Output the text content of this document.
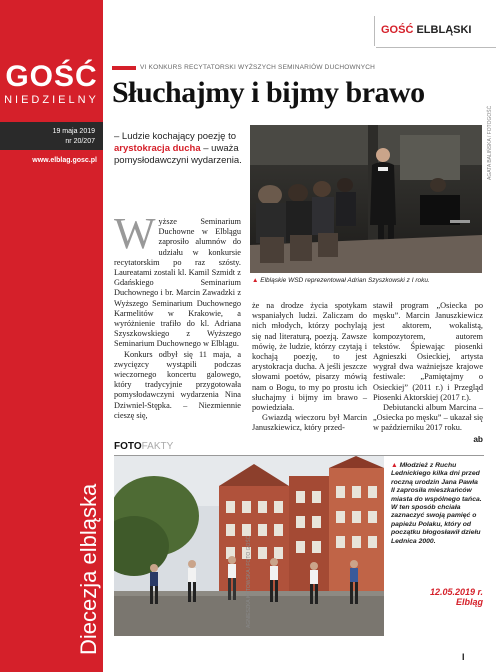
GOŚĆ
NIEDZIELNY
19 maja 2019
nr 20/207
www.elblag.gosc.pl
Diecezja elbląska
GOŚĆ ELBLĄSKI
VI KONKURS RECYTATORSKI WYŻSZYCH SEMINARIÓW DUCHOWNYCH
Słuchajmy i bijmy brawo
– Ludzie kochający poezję to arystokracja ducha – uważa pomysłodawczyni wydarzenia.	AGATA BALIŃSKA / FOTOGOŚĆ
▲ Elbląskie WSD reprezentował Adrian Szyszkowski z I roku.
W yższe Seminarium Duchowne w Elblągu zaprosiło alumnów do udziału w konkursie recytatorskim po raz szósty. Laureatami zostali kl. Kamil Szmidt z Gdańskiego Seminarium Duchownego i br. Marcin Zawadzki z Wyższego Seminarium Duchownego Karmelitów w Krakowie, a wyróżnienie trafiło do kl. Adriana Szyszkowskiego z Wyższego Seminarium Duchownego w Elblągu.

Konkurs odbył się 11 maja, a zwycięzcy wystąpili podczas wieczornego koncertu galowego, który tradycyjnie przygotowała pomysłodawczyni wydarzenia Nina Dziwniel-Stępka. – Niezmiennie cieszę się,

że na drodze życia spotykam wspaniałych ludzi. Zaliczam do nich młodych, którzy pochylają się nad literaturą, poezją. Zawsze mówię, że ludzie, którzy czytają i kochają poezję, to jest arystokracja ducha. A jeśli jeszcze słowami poetów, pisarzy mówią nam o Bogu, to my po prostu ich słuchajmy i bijmy im brawo – powiedziała.

Gwiazdą wieczoru był Marcin Januszkiewicz, który przed-

stawił program „Osiecka po męsku”. Marcin Januszkiewicz jest aktorem, wokalistą, kompozytorem, autorem tekstów. Śpiewając piosenki Agnieszki Osieckiej, artysta wygrał dwa ważniejsze krajowe festiwale: „Pamiętajmy o Osieckiej” (2011 r.) i Przegląd Piosenki Aktorskiej (2017 r.).

Debiutancki album Marcina – „Osiecka po męsku” – ukazał się w październiku 2017 roku.

ab
FOTOFAKTY
AGNIESZKA KOTOWSKA / FOTO GOŚĆ
▲ Młodzież z Ruchu Lednickiego kilka dni przed roczną urodzin Jana Pawła II zaprosiła mieszkańców miasta do wspólnego tańca. W ten sposób chciała zaznaczyć swoją pamięć o papieżu Polaku, który od początku błogosławił dziełu Lednica 2000.
12.05.2019 r.
Elbląg
I
